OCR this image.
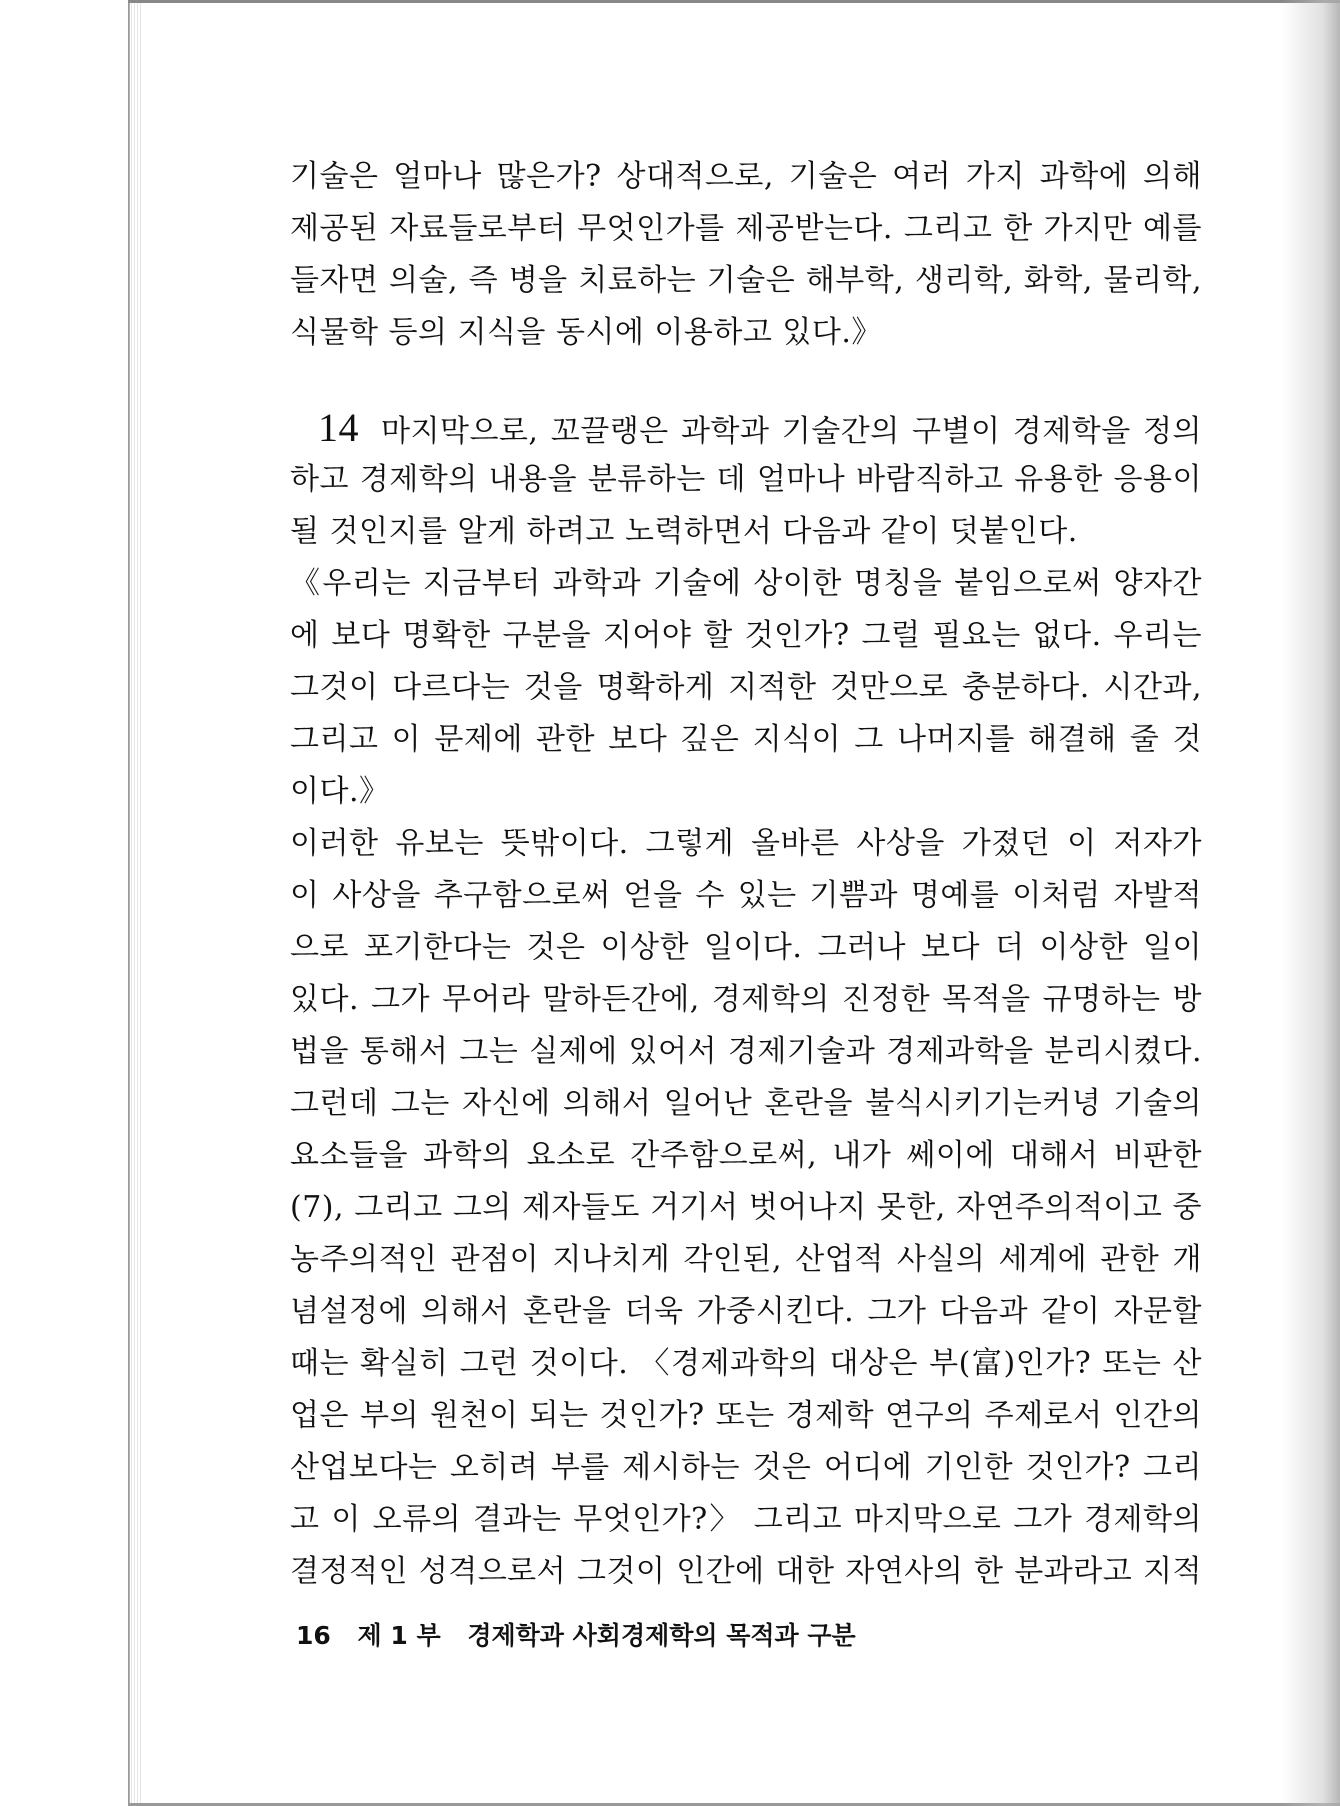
기술은 얼마나 많은가? 상대적으로, 기술은 여러 가지 과학에 의해
제공된 자료들로부터 무엇인가를 제공받는다. 그리고 한 가지만 예를
들자면 의술, 즉 병을 치료하는 기술은 해부학, 생리학, 화학, 물리학,
식물학 등의 지식을 동시에 이용하고 있다.》
14 마지막으로, 꼬끌랭은 과학과 기술간의 구별이 경제학을 정의
하고 경제학의 내용을 분류하는 데 얼마나 바람직하고 유용한 응용이
될 것인지를 알게 하려고 노력하면서 다음과 같이 덧붙인다.
《우리는 지금부터 과학과 기술에 상이한 명칭을 붙임으로써 양자간
에 보다 명확한 구분을 지어야 할 것인가? 그럴 필요는 없다. 우리는
그것이 다르다는 것을 명확하게 지적한 것만으로 충분하다. 시간과,
그리고 이 문제에 관한 보다 깊은 지식이 그 나머지를 해결해 줄 것
이다.》
이러한 유보는 뜻밖이다. 그렇게 올바른 사상을 가졌던 이 저자가
이 사상을 추구함으로써 얻을 수 있는 기쁨과 명예를 이처럼 자발적
으로 포기한다는 것은 이상한 일이다. 그러나 보다 더 이상한 일이
있다. 그가 무어라 말하든간에, 경제학의 진정한 목적을 규명하는 방
법을 통해서 그는 실제에 있어서 경제기술과 경제과학을 분리시켰다.
그런데 그는 자신에 의해서 일어난 혼란을 불식시키기는커녕 기술의
요소들을 과학의 요소로 간주함으로써, 내가 쎄이에 대해서 비판한
(7), 그리고 그의 제자들도 거기서 벗어나지 못한, 자연주의적이고 중
농주의적인 관점이 지나치게 각인된, 산업적 사실의 세계에 관한 개
념설정에 의해서 혼란을 더욱 가중시킨다. 그가 다음과 같이 자문할
때는 확실히 그런 것이다. 〈경제과학의 대상은 부(富)인가? 또는 산
업은 부의 원천이 되는 것인가? 또는 경제학 연구의 주제로서 인간의
산업보다는 오히려 부를 제시하는 것은 어디에 기인한 것인가? 그리
고 이 오류의 결과는 무엇인가?〉 그리고 마지막으로 그가 경제학의
결정적인 성격으로서 그것이 인간에 대한 자연사의 한 분과라고 지적
16 제 1 부 경제학과 사회경제학의 목적과 구분
